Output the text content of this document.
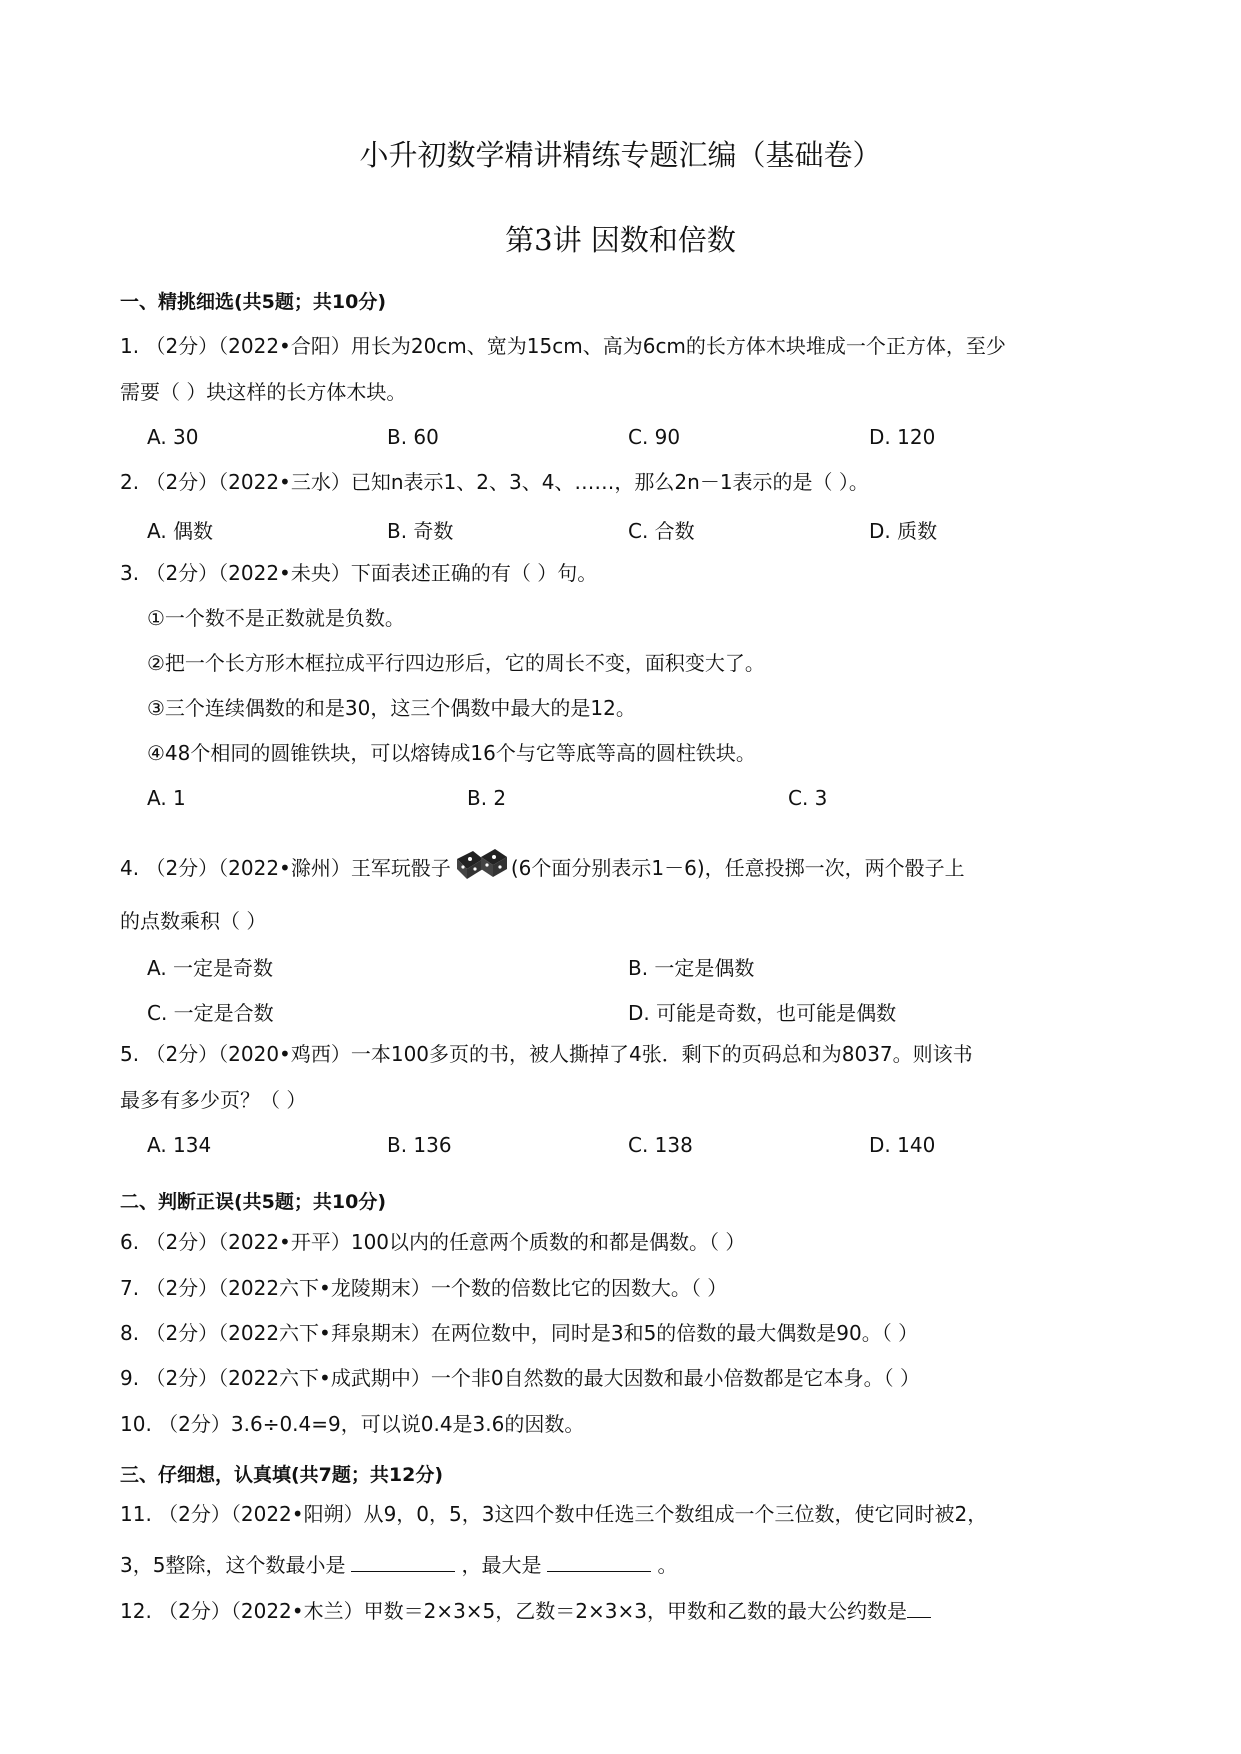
小升初数学精讲精练专题汇编（基础卷）
第3讲 因数和倍数
一、精挑细选(共5题；共10分)
1. （2分）（2022•合阳）用长为20cm、宽为15cm、高为6cm的长方体木块堆成一个正方体，至少
需要（ ）块这样的长方体木块。
A. 30	B. 60	C. 90	D. 120
2. （2分）（2022•三水）已知n表示1、2、3、4、……，那么2n－1表示的是（ ）。
A. 偶数	B. 奇数	C. 合数	D. 质数
3. （2分）（2022•未央）下面表述正确的有（ ）句。
①一个数不是正数就是负数。
②把一个长方形木框拉成平行四边形后，它的周长不变，面积变大了。
③三个连续偶数的和是30，这三个偶数中最大的是12。
④48个相同的圆锥铁块，可以熔铸成16个与它等底等高的圆柱铁块。
A. 1	B. 2	C. 3
4. （2分）（2022•滁州）王军玩骰子	(6个面分别表示1－6)，任意投掷一次，两个骰子上
的点数乘积（ ）
A. 一定是奇数	B. 一定是偶数
C. 一定是合数	D. 可能是奇数，也可能是偶数
5. （2分）（2020•鸡西）一本100多页的书，被人撕掉了4张．剩下的页码总和为8037。则该书
最多有多少页？（ ）
A. 134	B. 136	C. 138	D. 140
二、判断正误(共5题；共10分)
6. （2分）（2022•开平）100以内的任意两个质数的和都是偶数。（ ）
7. （2分）（2022六下•龙陵期末）一个数的倍数比它的因数大。（ ）
8. （2分）（2022六下•拜泉期末）在两位数中，同时是3和5的倍数的最大偶数是90。（ ）
9. （2分）（2022六下•成武期中）一个非0自然数的最大因数和最小倍数都是它本身。（ ）
10. （2分）3.6÷0.4=9，可以说0.4是3.6的因数。
三、仔细想，认真填(共7题；共12分)
11. （2分）（2022•阳朔）从9，0，5，3这四个数中任选三个数组成一个三位数，使它同时被2，
3，5整除，这个数最小是	，最大是	。
12. （2分）（2022•木兰）甲数＝2×3×5，乙数＝2×3×3，甲数和乙数的最大公约数是
